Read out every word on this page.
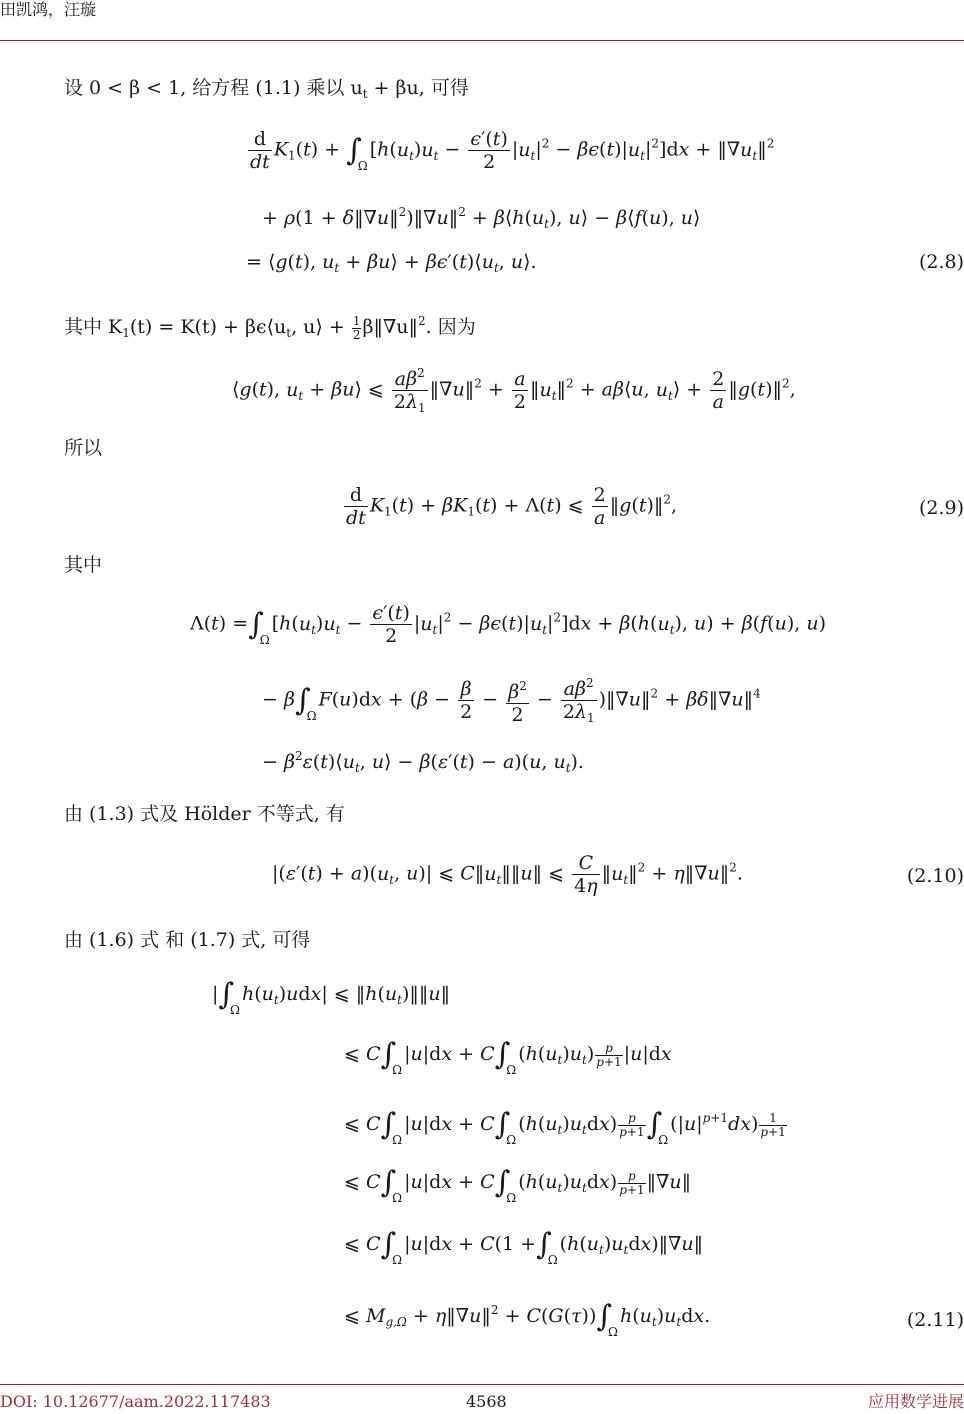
田凯鸿，汪璇
设 0 < β < 1, 给方程 (1.1) 乘以 $u_t + \beta u$, 可得
$\frac{d}{dt} K_1(t) + \int_\Omega[h(u_t)u_t - \frac{\epsilon'(t)}{2} |u_t|^2 - \beta\epsilon(t)|u_t|^2]dx$ + $‖\nabla u_t‖^2$
+ ρ(1 + δ‖∇u‖$^2$)‖∇u‖$^2$ + $\beta⟨h(u_t)$, u⟩ − β⟨f(u), u⟩
= ⟨g(t), $u_t$ + βu⟩ + $\beta\epsilon'(t)⟨u_t$, u⟩.	(2.8)
其中 $K_1(t) = K(t)$ + $\beta\epsilon⟨u_t$, u⟩ + $\frac{1}{2}$ β‖∇u‖$^2$. 因为
⟨g(t), $u_t$ + βu⟩ ⩽ $\frac{a\beta^2}{2\lambda_1}$ ‖∇u‖$^2$ + $\frac{a}{2}$ $‖u_t‖^2$ + aβ⟨u, $u_t⟩ + \frac{2}{a}$ ‖g(t)‖$^2$,
所以
$\frac{d}{dt} K_1(t) + \beta K_1(t) + \Lambda(t)$ ⩽ $\frac{2}{a}$ ‖g(t)‖$^2$,	(2.9)
其中
$\Lambda(t) =\int_\Omega[h(u_t)u_t - \frac{\epsilon'(t)}{2} |u_t|^2 - \beta\epsilon(t)|u_t|^2]dx + \beta(h(u_t)$, u) + β(f(u), u)
− $\beta\int_\Omega F(u)dx + (\beta - \frac{\beta}{2} - \frac{\beta^2}{2} - \frac{a\beta^2}{2\lambda_1}$ )‖∇u‖$^2$ + βδ‖∇u‖$^4$
− $\beta^2\varepsilon(t)⟨u_t$, u⟩ − β(ε′(t) − a)(u, $u_t$).
由 (1.3) 式及 Hölder 不等式, 有
$|(\varepsilon'(t) + a)(u_t$, u)| ⩽ $C‖u_t‖‖u‖$ ⩽ $\frac{C}{4\eta}$ $‖u_t‖^2$ + η‖∇u‖$^2$.	(2.10)
由 (1.6) 式 和 (1.7) 式, 可得
$|\int_\Omega h(u_t)udx|$ ⩽ $‖h(u_t)‖‖u‖$
⩽ $C\int_\Omega|u|dx + C\int_\Omega(h(u_t)u_t) \frac{p}{p+1} |u|dx$
⩽ $C\int_\Omega|u|dx + C\int_\Omega(h(u_t)u_tdx) \frac{p}{p+1} \int_\Omega(|u|^{p+1}dx) \frac{1}{p+1}$
⩽ $C\int_\Omega|u|dx + C\int_\Omega(h(u_t)u_tdx) \frac{p}{p+1}$ ‖∇u‖
⩽ $C\int_\Omega|u|dx + C(1$ $+\int_\Omega(h(u_t)u_tdx)‖\nabla u‖$
⩽ $M_{g,\Omega}$ + η‖∇u‖$^2$ + $C(G(\tau))\int_\Omega h(u_t)u_tdx$.	(2.11)
DOI: 10.12677/aam.2022.117483	4568	应用数学进展
